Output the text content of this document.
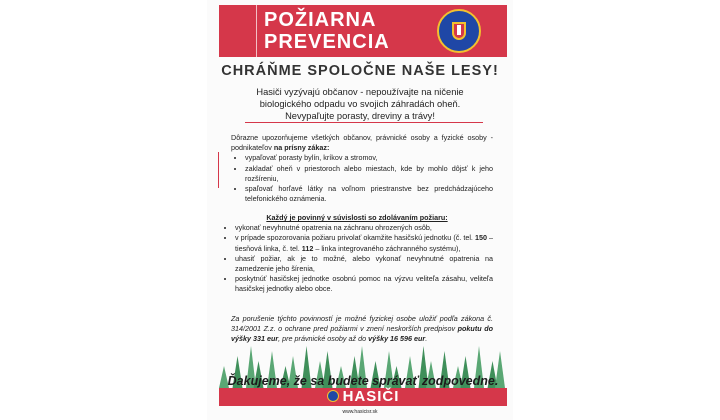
POŽIARNA
PREVENCIA
CHRÁŇME SPOLOČNE NAŠE LESY!
Hasiči vyzývajú občanov - nepoužívajte na ničenie
biologického odpadu vo svojich záhradách oheň.
Nevypaľujte porasty, dreviny a trávy!
Dôrazne upozorňujeme všetkých občanov, právnické osoby a fyzické osoby - podnikateľov na prísny zákaz:
• vypaľovať porasty bylín, kríkov a stromov,
• zakladať oheň v priestoroch alebo miestach, kde by mohlo dôjsť k jeho rozšíreniu,
• spaľovať horľavé látky na voľnom priestranstve bez predchádzajúceho telefonického oznámenia.
Každý je povinný v súvislosti so zdolávaním požiaru:
• vykonať nevyhnutné opatrenia na záchranu ohrozených osôb,
• v prípade spozorovania požiaru privolať okamžite hasičskú jednotku (č. tel. 150 – tiesňová linka, č. tel. 112 – linka integrovaného záchranného systému),
• uhasiť požiar, ak je to možné, alebo vykonať nevyhnutné opatrenia na zamedzenie jeho šírenia,
• poskytnúť hasičskej jednotke osobnú pomoc na výzvu veliteľa zásahu, veliteľa hasičskej jednotky alebo obce.
Za porušenie týchto povinností je možné fyzickej osobe uložiť podľa zákona č. 314/2001 Z.z. o ochrane pred požiarmi v znení neskorších predpisov pokutu do výšky 331 eur, pre právnické osoby až do výšky 16 596 eur.
Ďakujeme, že sa budete správať zodpovedne.
HASIČI
www.hasicisr.sk
